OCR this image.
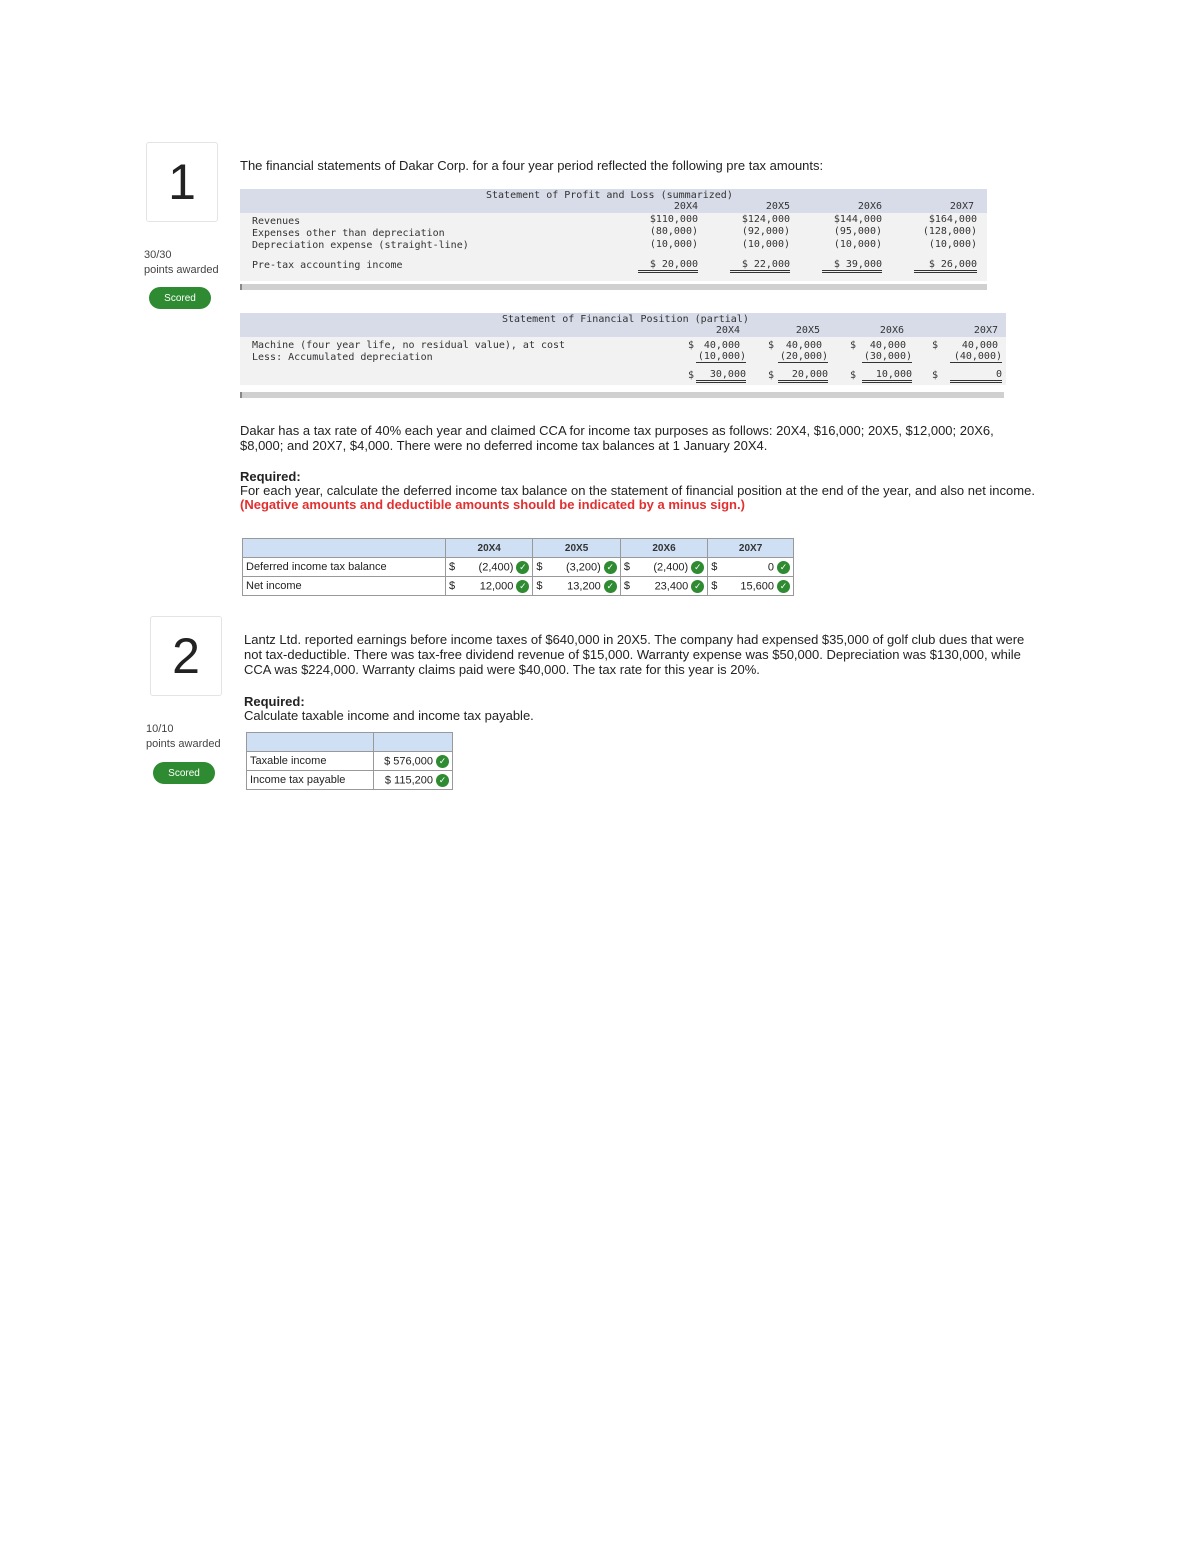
1
30/30
points awarded
Scored
The financial statements of Dakar Corp. for a four year period reflected the following pre tax amounts:
Statement of Profit and Loss (summarized)
20X4	20X5	20X6	20X7
Revenues	$110,000	$124,000	$144,000	$164,000
Expenses other than depreciation	(80,000)	(92,000)	(95,000)	(128,000)
Depreciation expense (straight-line)	(10,000)	(10,000)	(10,000)	(10,000)
Pre-tax accounting income	$ 20,000	$ 22,000	$ 39,000	$ 26,000
Statement of Financial Position (partial)
20X4	20X5	20X6	20X7
Machine (four year life, no residual value), at cost	$ 40,000	$	40,000	$	40,000	$	40,000
Less: Accumulated depreciation	(10,000)	(20,000)	(30,000)	(40,000)
$	30,000 $	20,000 $	10,000 $	0
Dakar has a tax rate of 40% each year and claimed CCA for income tax purposes as follows: 20X4, $16,000; 20X5, $12,000; 20X6, $8,000; and 20X7, $4,000. There were no deferred income tax balances at 1 January 20X4.
Required:
For each year, calculate the deferred income tax balance on the statement of financial position at the end of the year, and also net income. (Negative amounts and deductible amounts should be indicated by a minus sign.)
	20X4	20X5	20X6	20X7
Deferred income tax balance	$ (2,400) ✓	$ (3,200) ✓	$ (2,400) ✓	$ 0 ✓
Net income	$ 12,000 ✓	$ 13,200 ✓	$ 23,400 ✓	$ 15,600 ✓
2
10/10
points awarded
Scored
Lantz Ltd. reported earnings before income taxes of $640,000 in 20X5. The company had expensed $35,000 of golf club dues that were not tax-deductible. There was tax-free dividend revenue of $15,000. Warranty expense was $50,000. Depreciation was $130,000, while CCA was $224,000. Warranty claims paid were $40,000. The tax rate for this year is 20%.
Required:
Calculate taxable income and income tax payable.

Taxable income	$ 576,000 ✓
Income tax payable	$ 115,200 ✓
